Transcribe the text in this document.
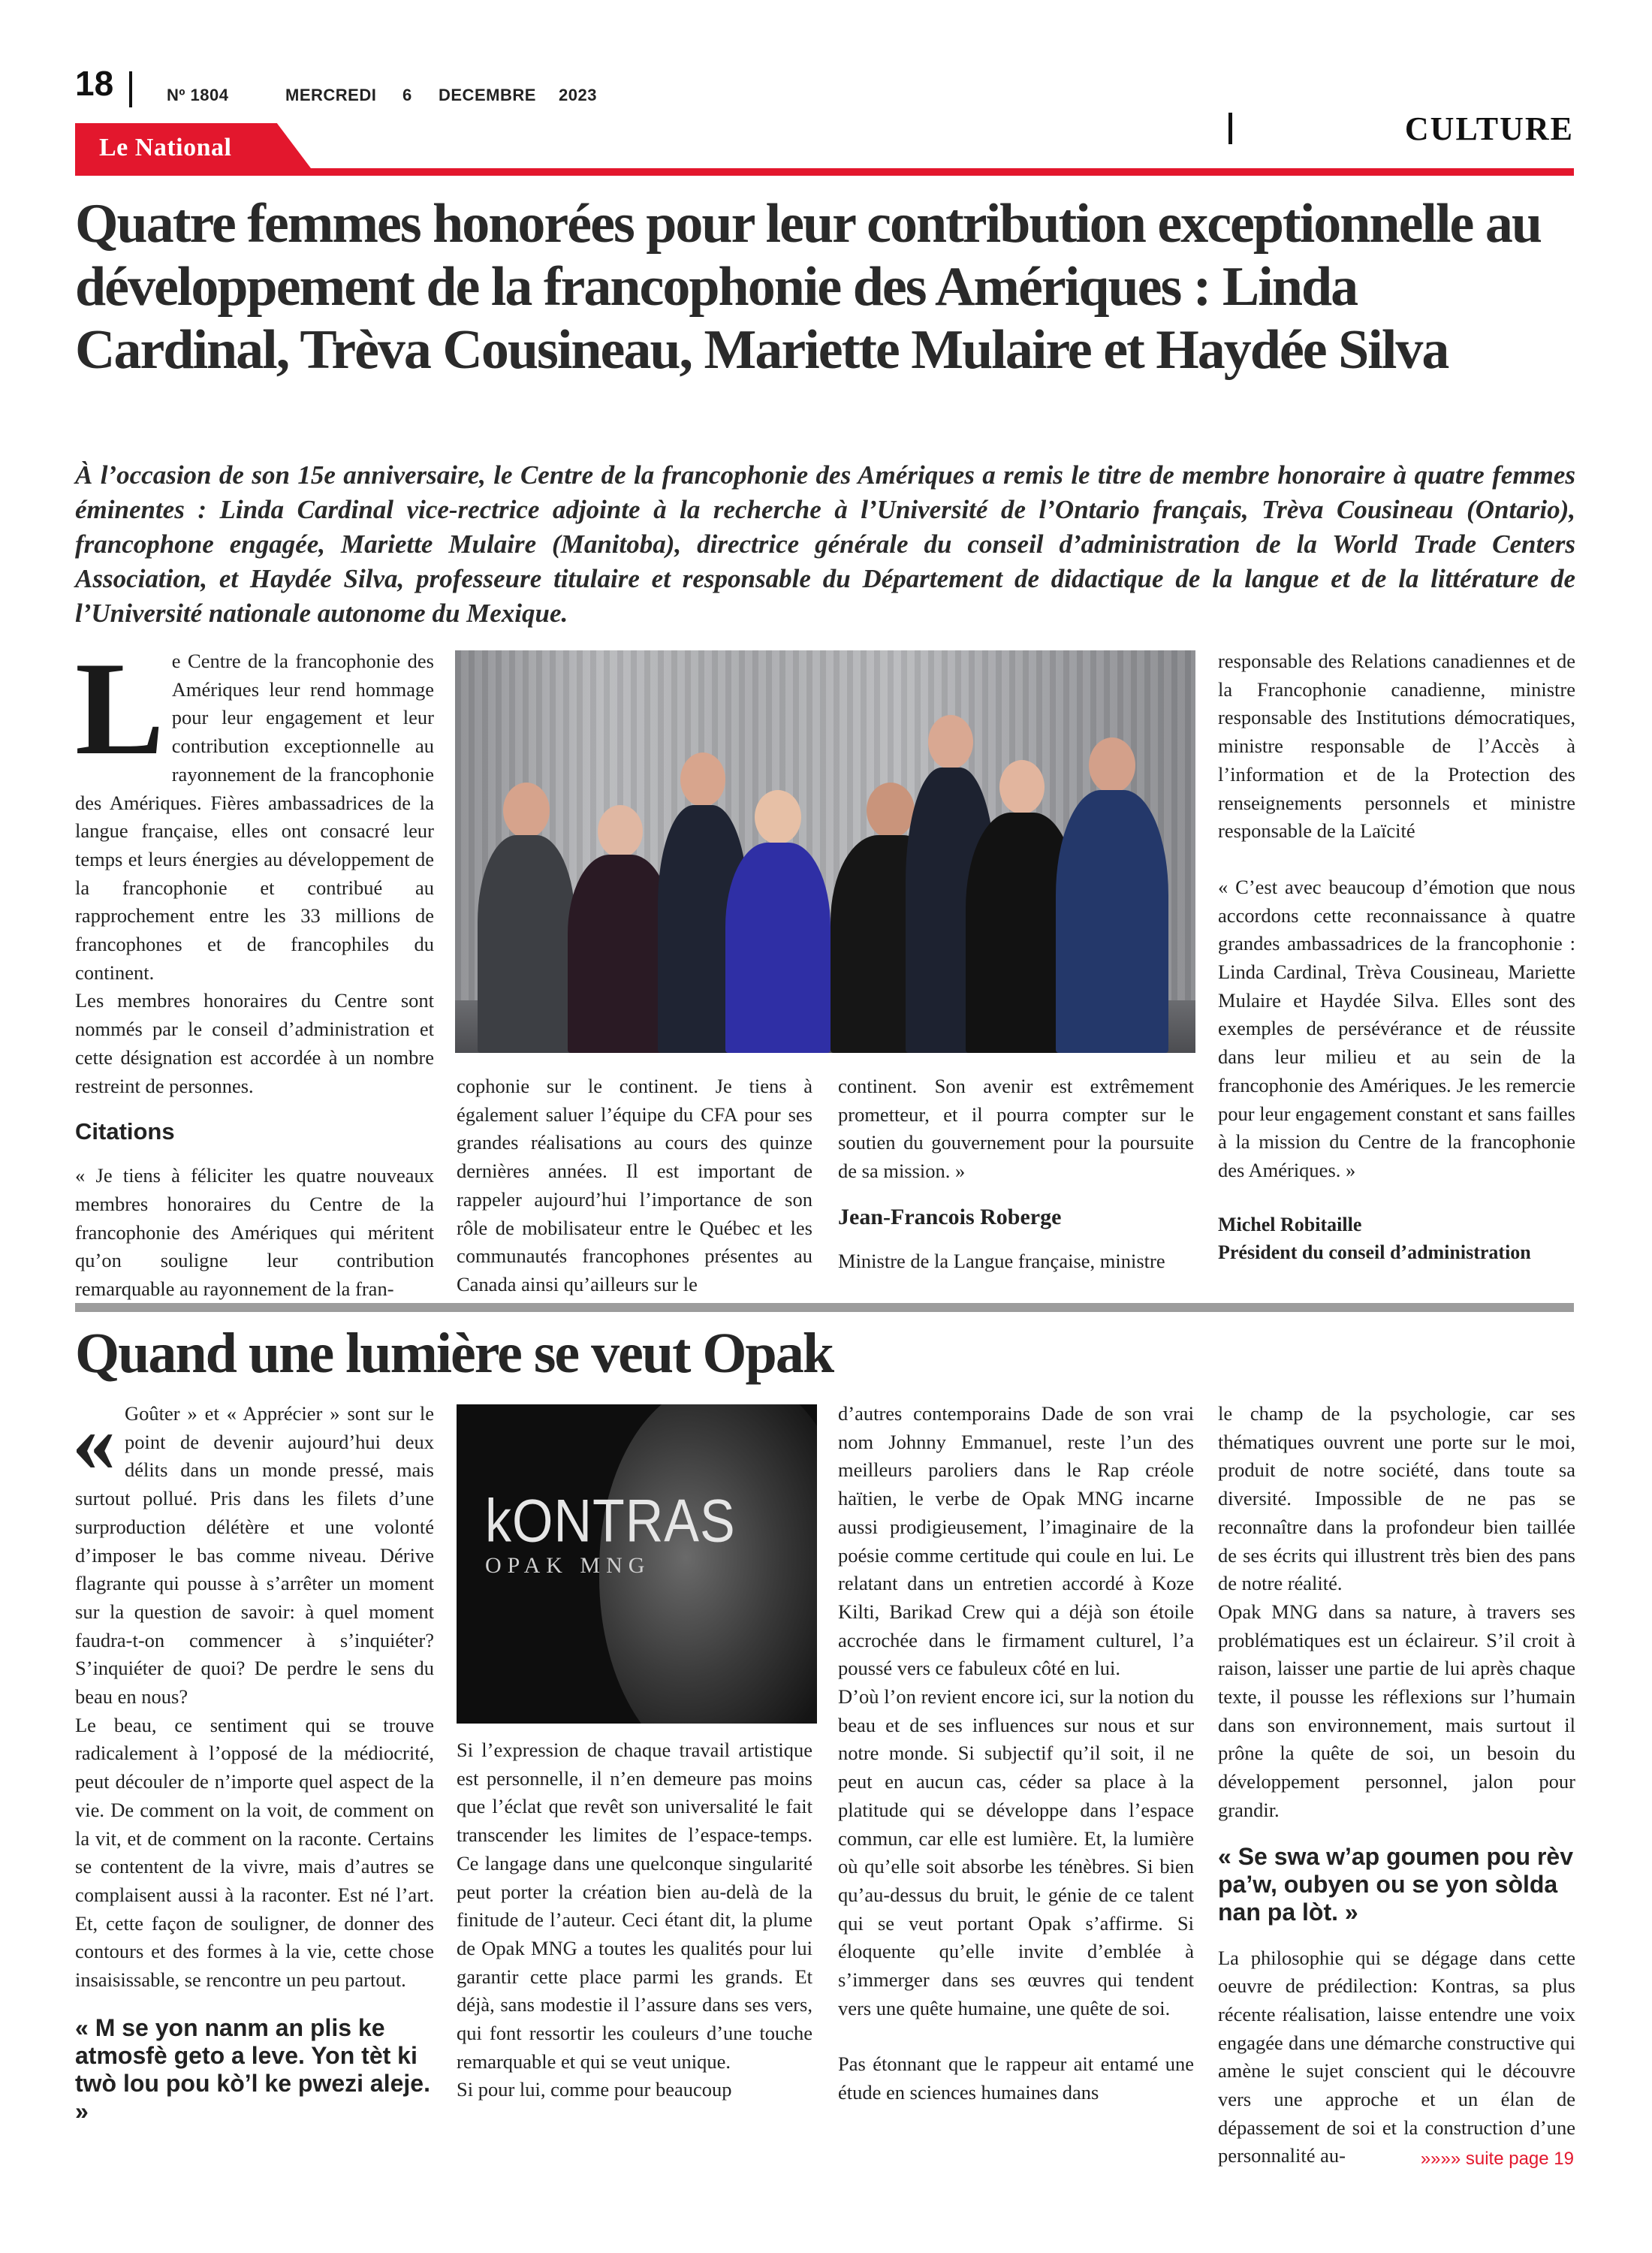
18	Nº 1804	MERCREDI 6 DECEMBRE 2023
CULTURE
Le National
Quatre femmes honorées pour leur contribution exceptionnelle au développement de la francophonie des Amériques : Linda Cardinal, Trèva Cousineau, Mariette Mulaire et Haydée Silva
À l’occasion de son 15e anniversaire, le Centre de la francophonie des Amériques a remis le titre de membre honoraire à quatre femmes éminentes : Linda Cardinal vice-rectrice adjointe à la recherche à l’Université de l’Ontario français, Trèva Cousineau (Ontario), francophone engagée, Mariette Mulaire (Manitoba), directrice générale du conseil d’administration de la World Trade Centers Association, et Haydée Silva, professeure titulaire et responsable du Département de didactique de la langue et de la littérature de l’Université nationale autonome du Mexique.
L e Centre de la francophonie des Amériques leur rend hommage pour leur engagement et leur contribution exceptionnelle au rayonnement de la francophonie des Amériques. Fières ambassadrices de la langue française, elles ont consacré leur temps et leurs énergies au développement de la francophonie et contribué au rapprochement entre les 33 millions de francophones et de francophiles du continent.

Les membres honoraires du Centre sont nommés par le conseil d’administration et cette désignation est accordée à un nombre restreint de personnes.

Citations

« Je tiens à féliciter les quatre nouveaux membres honoraires du Centre de la francophonie des Amériques qui méritent qu’on souligne leur contribution remarquable au rayonnement de la fran-

cophonie sur le continent. Je tiens à également saluer l’équipe du CFA pour ses grandes réalisations au cours des quinze dernières années. Il est important de rappeler aujourd’hui l’importance de son rôle de mobilisateur entre le Québec et les communautés francophones présentes au Canada ainsi qu’ailleurs sur le

continent. Son avenir est extrêmement prometteur, et il pourra compter sur le soutien du gouvernement pour la poursuite de sa mission. »

Jean-Francois Roberge

Ministre de la Langue française, ministre

responsable des Relations canadiennes et de la Francophonie canadienne, ministre responsable des Institutions démocratiques, ministre responsable de l’Accès à l’information et de la Protection des renseignements personnels et ministre responsable de la Laïcité

« C’est avec beaucoup d’émotion que nous accordons cette reconnaissance à quatre grandes ambassadrices de la francophonie : Linda Cardinal, Trèva Cousineau, Mariette Mulaire et Haydée Silva. Elles sont des exemples de persévérance et de réussite dans leur milieu et au sein de la francophonie des Amériques. Je les remercie pour leur engagement constant et sans failles à la mission du Centre de la francophonie des Amériques. »

Michel Robitaille

Président du conseil d’administration

Quand une lumière se veut Opak
« Goûter » et « Apprécier » sont sur le point de devenir aujourd’hui deux délits dans un monde pressé, mais surtout pollué. Pris dans les filets d’une surproduction délétère et une volonté d’imposer le bas comme niveau. Dérive flagrante qui pousse à s’arrêter un moment sur la question de savoir: à quel moment faudra-t-on commencer à s’inquiéter? S’inquiéter de quoi? De perdre le sens du beau en nous?

Le beau, ce sentiment qui se trouve radicalement à l’opposé de la médiocrité, peut découler de n’importe quel aspect de la vie. De comment on la voit, de comment on la vit, et de comment on la raconte. Certains se contentent de la vivre, mais d’autres se complaisent aussi à la raconter. Est né l’art. Et, cette façon de souligner, de donner des contours et des formes à la vie, cette chose insaisissable, se rencontre un peu partout.

« M se yon nanm an plis ke atmosfè geto a leve. Yon tèt ki twò lou pou kò’l ke pwezi aleje. »

kONTRAS
OPAK MNG

Si l’expression de chaque travail artistique est personnelle, il n’en demeure pas moins que l’éclat que revêt son universalité le fait transcender les limites de l’espace-temps. Ce langage dans une quelconque singularité peut porter la création bien au-delà de la finitude de l’auteur. Ceci étant dit, la plume de Opak MNG a toutes les qualités pour lui garantir cette place parmi les grands. Et déjà, sans modestie il l’assure dans ses vers, qui font ressortir les couleurs d’une touche remarquable et qui se veut unique.

Si pour lui, comme pour beaucoup

d’autres contemporains Dade de son vrai nom Johnny Emmanuel, reste l’un des meilleurs paroliers dans le Rap créole haïtien, le verbe de Opak MNG incarne aussi prodigieusement, l’imaginaire de la poésie comme certitude qui coule en lui. Le relatant dans un entretien accordé à Koze Kilti, Barikad Crew qui a déjà son étoile accrochée dans le firmament culturel, l’a poussé vers ce fabuleux côté en lui.

D’où l’on revient encore ici, sur la notion du beau et de ses influences sur nous et sur notre monde. Si subjectif qu’il soit, il ne peut en aucun cas, céder sa place à la platitude qui se développe dans l’espace commun, car elle est lumière. Et, la lumière où qu’elle soit absorbe les ténèbres. Si bien qu’au-dessus du bruit, le génie de ce talent qui se veut portant Opak s’affirme. Si éloquente qu’elle invite d’emblée à s’immerger dans ses œuvres qui tendent vers une quête humaine, une quête de soi.

Pas étonnant que le rappeur ait entamé une étude en sciences humaines dans

le champ de la psychologie, car ses thématiques ouvrent une porte sur le moi, produit de notre société, dans toute sa diversité. Impossible de ne pas se reconnaître dans la profondeur bien taillée de ses écrits qui illustrent très bien des pans de notre réalité.

Opak MNG dans sa nature, à travers ses problématiques est un éclaireur. S’il croit à raison, laisser une partie de lui après chaque texte, il pousse les réflexions sur l’humain dans son environnement, mais surtout il prône la quête de soi, un besoin du développement personnel, jalon pour grandir.

« Se swa w’ap goumen pou rèv pa’w, oubyen ou se yon sòlda nan pa lòt. »

La philosophie qui se dégage dans cette oeuvre de prédilection: Kontras, sa plus récente réalisation, laisse entendre une voix engagée dans une démarche constructive qui amène le sujet conscient qui le découvre vers une approche et un élan de dépassement de soi et la construction d’une personnalité au-	»»»» suite page 19
